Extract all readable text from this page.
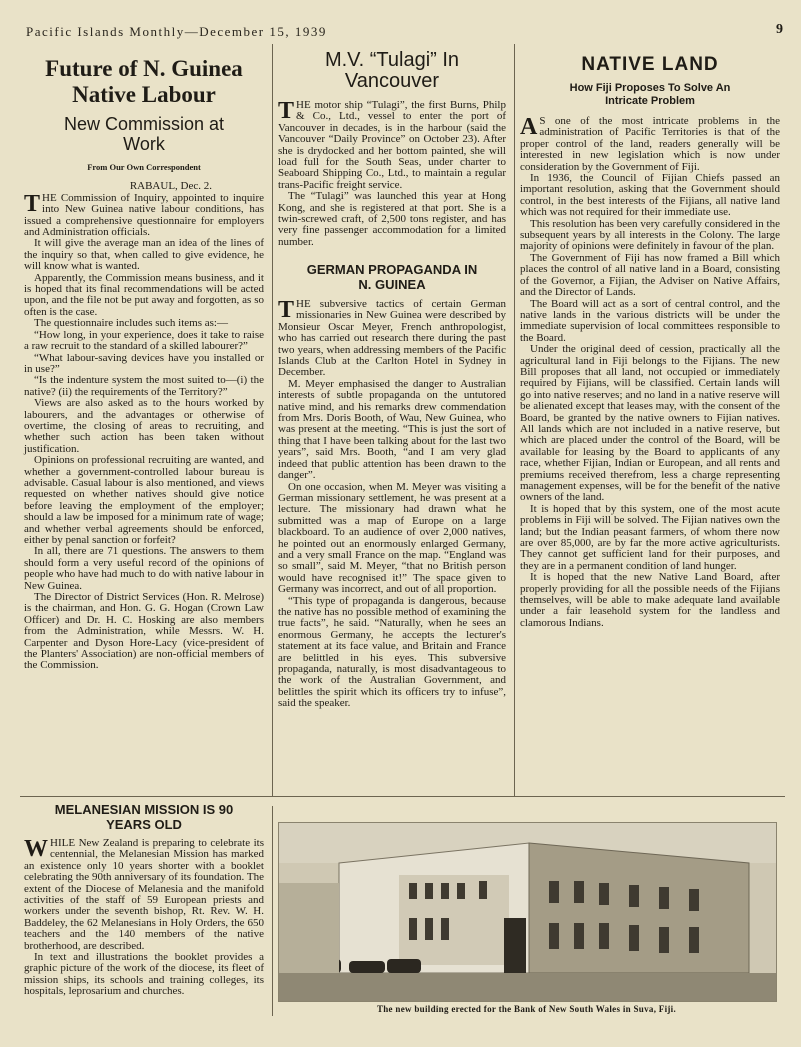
Pacific Islands Monthly—December 15, 1939	9
Future of N. Guinea
Native Labour
New Commission at
Work
From Our Own Correspondent
RABAUL, Dec. 2.

THE Commission of Inquiry, appointed to inquire into New Guinea native labour conditions, has issued a comprehensive questionnaire for employers and Administration officials.

It will give the average man an idea of the lines of the inquiry so that, when called to give evidence, he will know what is wanted.

Apparently, the Commission means business, and it is hoped that its final recommendations will be acted upon, and the file not be put away and forgotten, as so often is the case.

The questionnaire includes such items as:—

“How long, in your experience, does it take to raise a raw recruit to the standard of a skilled labourer?”

“What labour-saving devices have you installed or in use?”

“Is the indenture system the most suited to—(i) the native? (ii) the requirements of the Territory?”

Views are also asked as to the hours worked by labourers, and the advantages or otherwise of overtime, the closing of areas to recruiting, and whether such action has been taken without justification.

Opinions on professional recruiting are wanted, and whether a government-controlled labour bureau is advisable. Casual labour is also mentioned, and views requested on whether natives should give notice before leaving the employment of the employer; should a law be imposed for a minimum rate of wage; and whether verbal agreements should be enforced, either by penal sanction or forfeit?

In all, there are 71 questions. The answers to them should form a very useful record of the opinions of people who have had much to do with native labour in New Guinea.

The Director of District Services (Hon. R. Melrose) is the chairman, and Hon. G. G. Hogan (Crown Law Officer) and Dr. H. C. Hosking are also members from the Administration, while Messrs. W. H. Carpenter and Dyson Hore-Lacy (vice-president of the Planters' Association) are non-official members of the Commission.

M.V. “Tulagi” In
Vancouver

THE motor ship “Tulagi”, the first Burns, Philp & Co., Ltd., vessel to enter the port of Vancouver in decades, is in the harbour (said the Vancouver “Daily Province” on October 23). After she is drydocked and her bottom painted, she will load full for the South Seas, under charter to Seaboard Shipping Co., Ltd., to maintain a regular trans-Pacific freight service.

The “Tulagi” was launched this year at Hong Kong, and she is registered at that port. She is a twin-screwed craft, of 2,500 tons register, and has very fine passenger accommodation for a limited number.

GERMAN PROPAGANDA IN
N. GUINEA

THE subversive tactics of certain German missionaries in New Guinea were described by Monsieur Oscar Meyer, French anthropologist, who has carried out research there during the past two years, when addressing members of the Pacific Islands Club at the Carlton Hotel in Sydney in December.

M. Meyer emphasised the danger to Australian interests of subtle propaganda on the untutored native mind, and his remarks drew commendation from Mrs. Doris Booth, of Wau, New Guinea, who was present at the meeting. “This is just the sort of thing that I have been talking about for the last two years”, said Mrs. Booth, “and I am very glad indeed that public attention has been drawn to the danger”.

On one occasion, when M. Meyer was visiting a German missionary settlement, he was present at a lecture. The missionary had drawn what he submitted was a map of Europe on a large blackboard. To an audience of over 2,000 natives, he pointed out an enormously enlarged Germany, and a very small France on the map. “England was so small”, said M. Meyer, “that no British person would have recognised it!” The space given to Germany was incorrect, and out of all proportion.

“This type of propaganda is dangerous, because the native has no possible method of examining the true facts”, he said. “Naturally, when he sees an enormous Germany, he accepts the lecturer's statement at its face value, and Britain and France are belittled in his eyes. This subversive propaganda, naturally, is most disadvantageous to the work of the Australian Government, and belittles the spirit which its officers try to infuse”, said the speaker.

NATIVE LAND
How Fiji Proposes To Solve An
Intricate Problem

A S one of the most intricate problems in the administration of Pacific Territories is that of the proper control of the land, readers generally will be interested in new legislation which is now under consideration by the Government of Fiji.

In 1936, the Council of Fijian Chiefs passed an important resolution, asking that the Government should control, in the best interests of the Fijians, all native land which was not required for their immediate use.

This resolution has been very carefully considered in the subsequent years by all interests in the Colony. The large majority of opinions were definitely in favour of the plan.

The Government of Fiji has now framed a Bill which places the control of all native land in a Board, consisting of the Governor, a Fijian, the Adviser on Native Affairs, and the Director of Lands.

The Board will act as a sort of central control, and the native lands in the various districts will be under the immediate supervision of local committees responsible to the Board.

Under the original deed of cession, practically all the agricultural land in Fiji belongs to the Fijians. The new Bill proposes that all land, not occupied or immediately required by Fijians, will be classified. Certain lands will go into native reserves; and no land in a native reserve will be alienated except that leases may, with the consent of the Board, be granted by the native owners to Fijian natives. All lands which are not included in a native reserve, but which are placed under the control of the Board, will be available for leasing by the Board to applicants of any race, whether Fijian, Indian or European, and all rents and premiums received therefrom, less a charge representing management expenses, will be for the benefit of the native owners of the land.

It is hoped that by this system, one of the most acute problems in Fiji will be solved. The Fijian natives own the land; but the Indian peasant farmers, of whom there now are over 85,000, are by far the more active agriculturists. They cannot get sufficient land for their purposes, and they are in a permanent condition of land hunger.

It is hoped that the new Native Land Board, after properly providing for all the possible needs of the Fijians themselves, will be able to make adequate land available under a fair leasehold system for the landless and clamorous Indians.

MELANESIAN MISSION IS 90
YEARS OLD

WHILE New Zealand is preparing to celebrate its centennial, the Melanesian Mission has marked an existence only 10 years shorter with a booklet celebrating the 90th anniversary of its foundation. The extent of the Diocese of Melanesia and the manifold activities of the staff of 59 European priests and workers under the seventh bishop, Rt. Rev. W. H. Baddeley, the 62 Melanesians in Holy Orders, the 650 teachers and the 140 members of the native brotherhood, are described.

In text and illustrations the booklet provides a graphic picture of the work of the diocese, its fleet of mission ships, its schools and training colleges, its hospitals, leprosarium and churches.

The new building erected for the Bank of New South Wales in Suva, Fiji.
